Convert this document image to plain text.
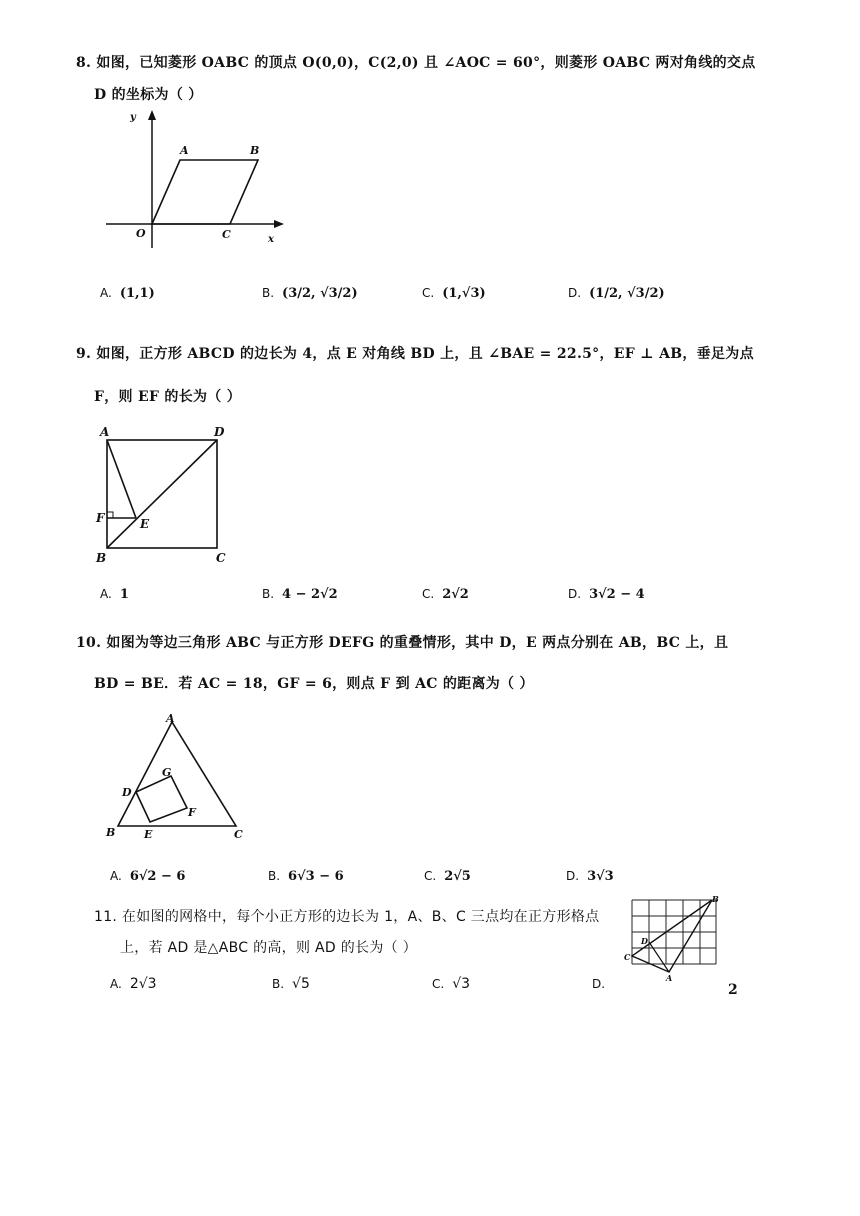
8. 如图，已知菱形 OABC 的顶点 O(0,0)，C(2,0) 且 ∠AOC = 60°，则菱形 OABC 两对角线的交点
D 的坐标为（ ）
y
O
A	B
C	x
A. (1,1)	B. (3/2, √3/2)	C. (1,√3)	D. (1/2, √3/2)
9. 如图，正方形 ABCD 的边长为 4，点 E 对角线 BD 上，且 ∠BAE = 22.5°，EF ⊥ AB，垂足为点
F，则 EF 的长为（ ）
A	D
F	E
B	C
A. 1	B. 4 − 2√2	C. 2√2	D. 3√2 − 4
10. 如图为等边三角形 ABC 与正方形 DEFG 的重叠情形，其中 D，E 两点分别在 AB，BC 上，且
BD = BE．若 AC = 18，GF = 6，则点 F 到 AC 的距离为（ ）
A
D
G
F
B	E	C
A. 6√2 − 6	B. 6√3 − 6	C. 2√5	D. 3√3
11. 在如图的网格中，每个小正方形的边长为 1，A、B、C 三点均在正方形格点
上，若 AD 是△ABC 的高，则 AD 的长为（ ）
C
B
D
A
A. 2√3	B. √5	C. √3	D.	2
